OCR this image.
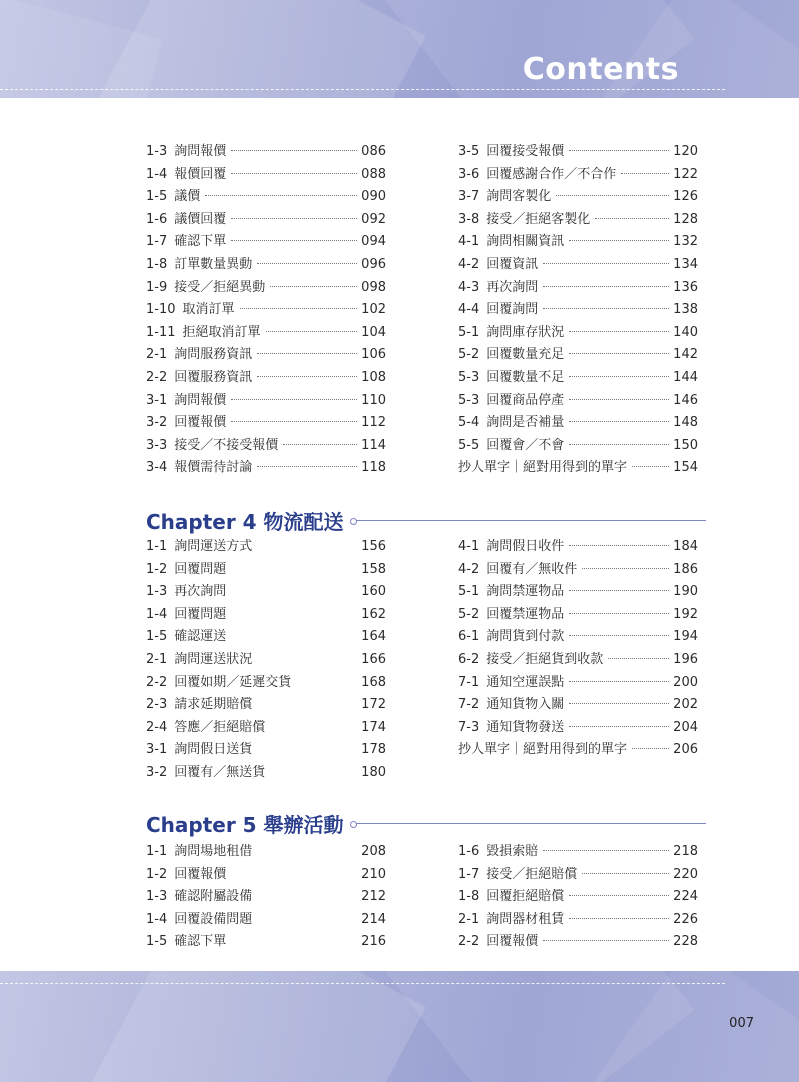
Contents
1-3 詢問報價	086
1-4 報價回覆	088
1-5 議價	090
1-6 議價回覆	092
1-7 確認下單	094
1-8 訂單數量異動	096
1-9 接受／拒絕異動	098
1-10 取消訂單	102
1-11 拒絕取消訂單	104
2-1 詢問服務資訊	106
2-2 回覆服務資訊	108
3-1 詢問報價	110
3-2 回覆報價	112
3-3 接受／不接受報價	114
3-4 報價需待討論	118
3-5 回覆接受報價	120
3-6 回覆感謝合作／不合作	122
3-7 詢問客製化	126
3-8 接受／拒絕客製化	128
4-1 詢問相關資訊	132
4-2 回覆資訊	134
4-3 再次詢問	136
4-4 回覆詢問	138
5-1 詢問庫存狀況	140
5-2 回覆數量充足	142
5-3 回覆數量不足	144
5-3 回覆商品停產	146
5-4 詢問是否補量	148
5-5 回覆會／不會	150
抄人單字｜絕對用得到的單字	154
Chapter 4 物流配送
1-1 詢問運送方式	156
1-2 回覆問題	158
1-3 再次詢問	160
1-4 回覆問題	162
1-5 確認運送	164
2-1 詢問運送狀況	166
2-2 回覆如期／延遲交貨	168
2-3 請求延期賠償	172
2-4 答應／拒絕賠償	174
3-1 詢問假日送貨	178
3-2 回覆有／無送貨	180
4-1 詢問假日收件	184
4-2 回覆有／無收件	186
5-1 詢問禁運物品	190
5-2 回覆禁運物品	192
6-1 詢問貨到付款	194
6-2 接受／拒絕貨到收款	196
7-1 通知空運誤點	200
7-2 通知貨物入關	202
7-3 通知貨物發送	204
抄人單字｜絕對用得到的單字	206
Chapter 5 舉辦活動
1-1 詢問場地租借	208
1-2 回覆報價	210
1-3 確認附屬設備	212
1-4 回覆設備問題	214
1-5 確認下單	216
1-6 毀損索賠	218
1-7 接受／拒絕賠償	220
1-8 回覆拒絕賠償	224
2-1 詢問器材租賃	226
2-2 回覆報價	228
007
